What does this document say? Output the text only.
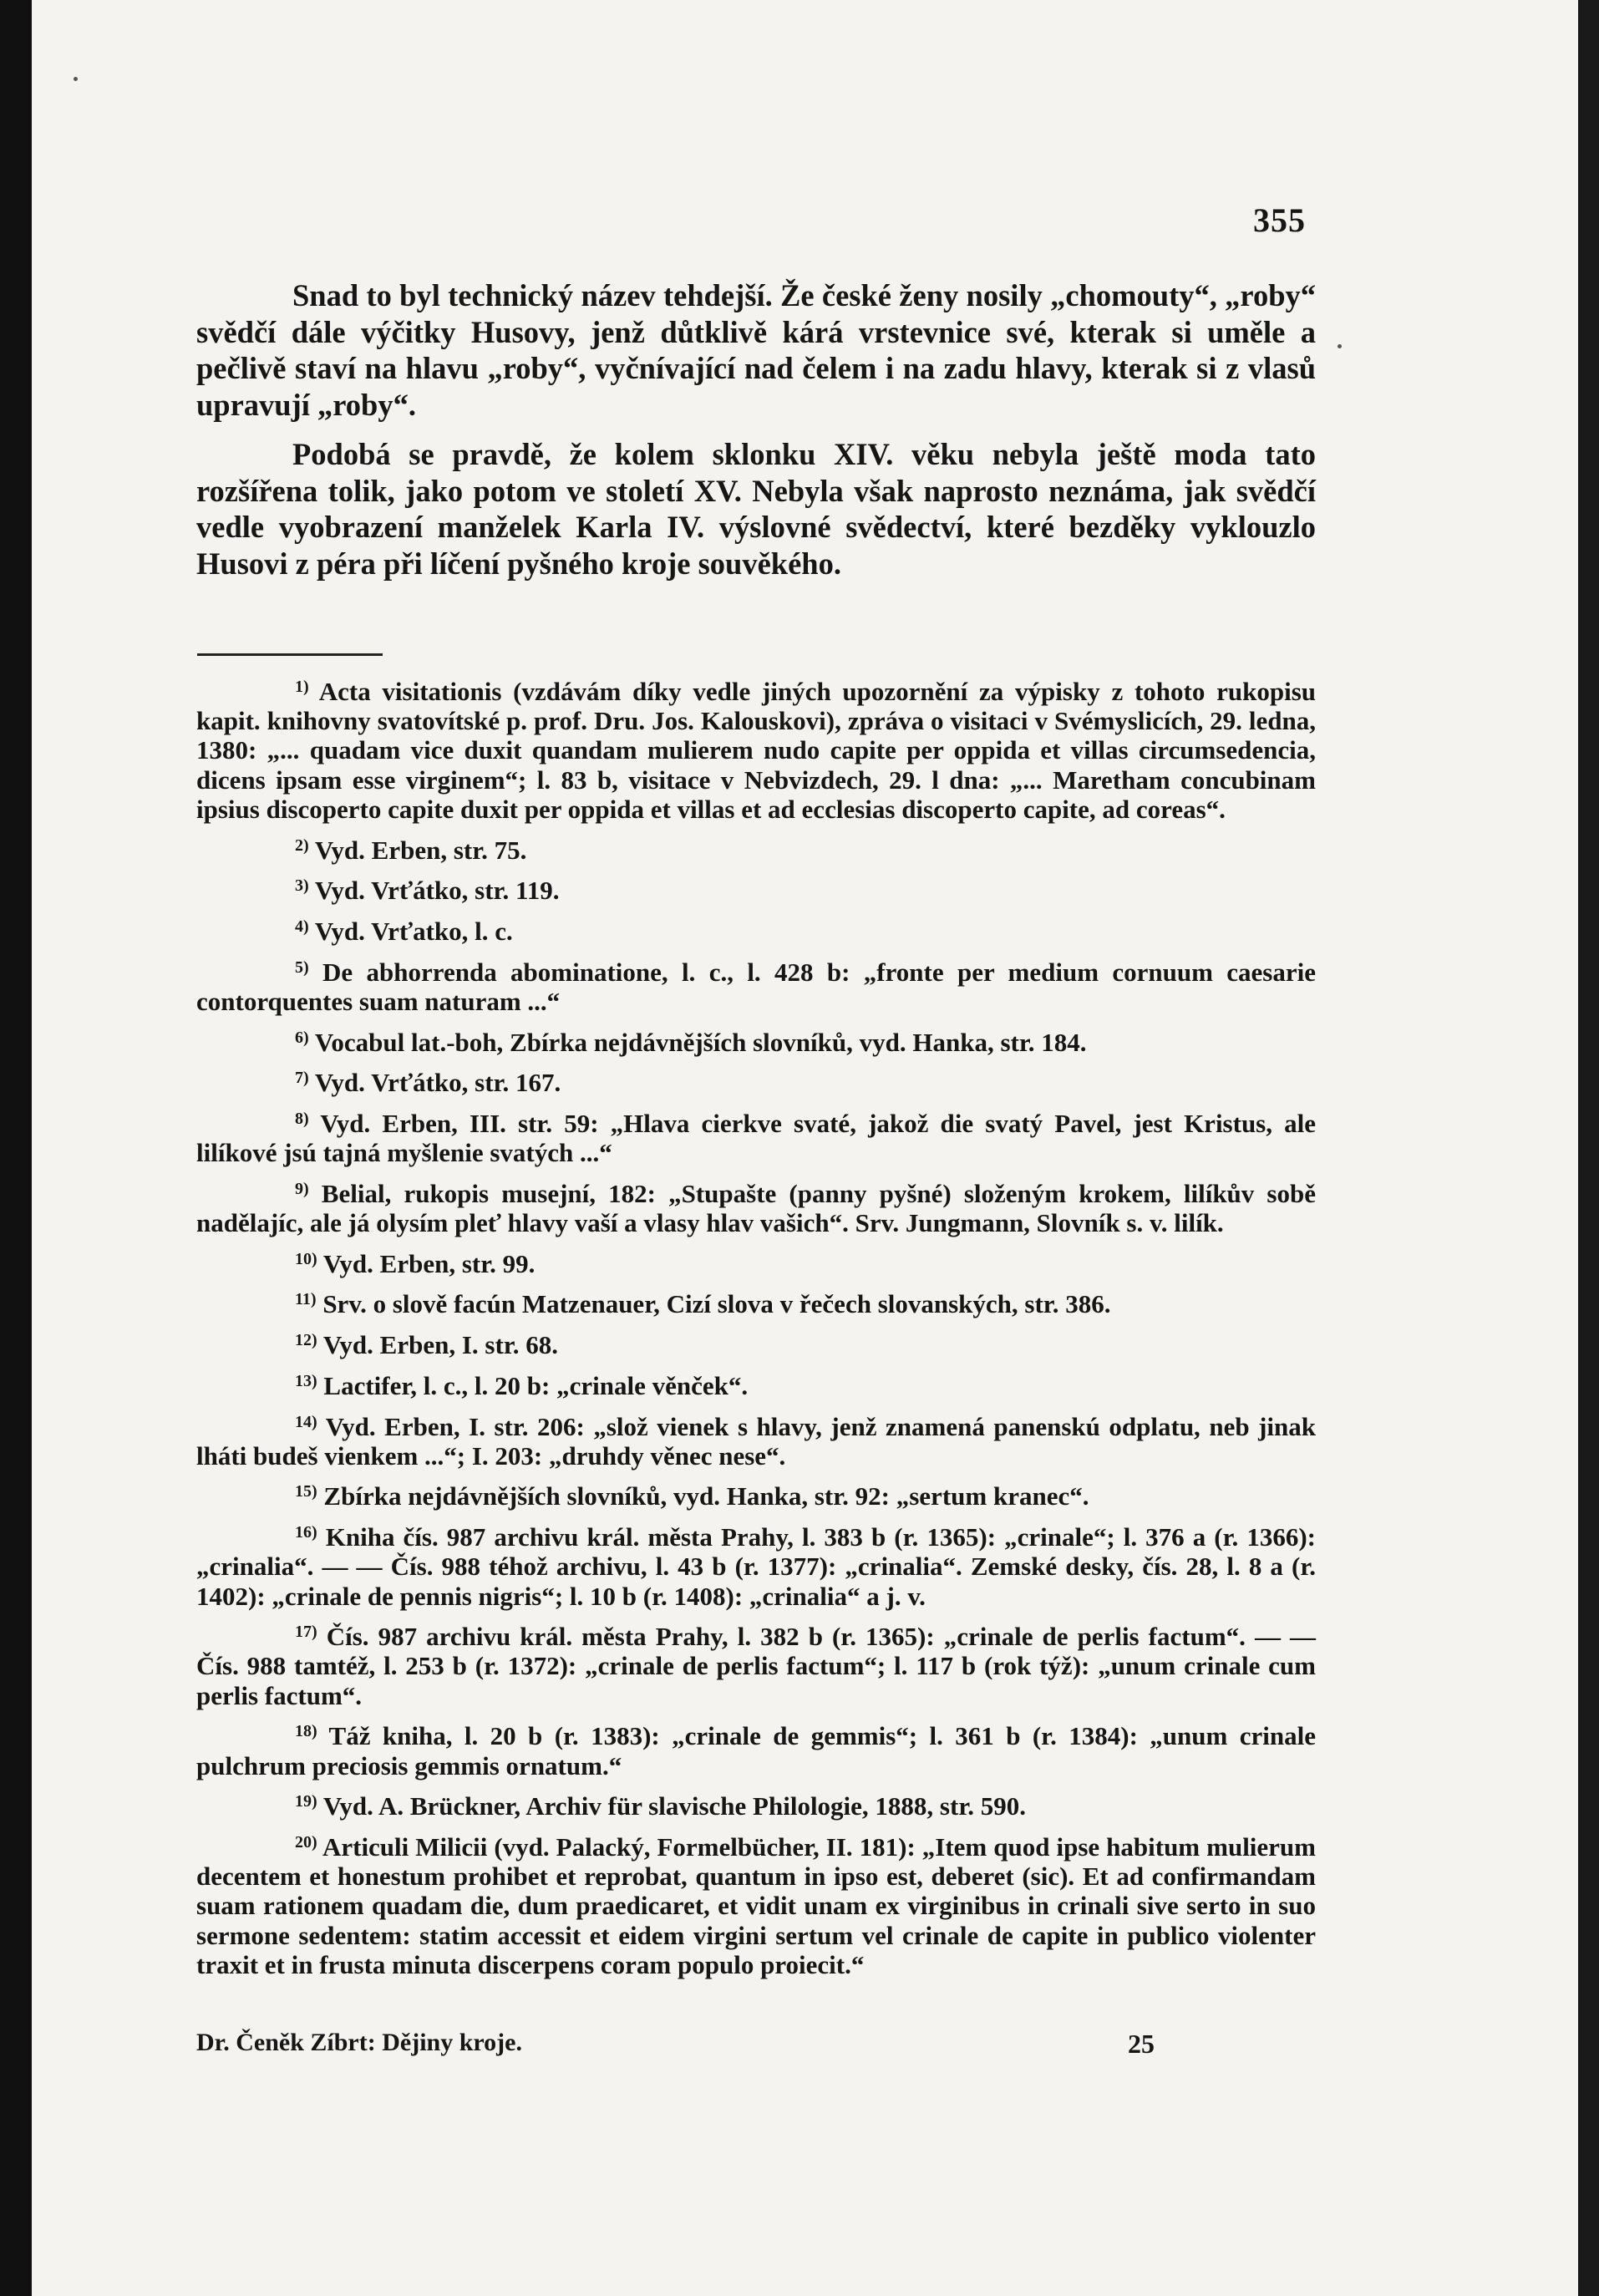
355

Snad to byl technický název tehdejší. Že české ženy nosily „chomouty“, „roby“ svědčí dále výčitky Husovy, jenž důtklivě kárá vrstevnice své, kterak si uměle a pečlivě staví na hlavu „roby“, vyčnívající nad čelem i na zadu hlavy, kterak si z vlasů upravují „roby“.

Podobá se pravdě, že kolem sklonku XIV. věku nebyla ještě moda tato rozšířena tolik, jako potom ve století XV. Nebyla však naprosto neznáma, jak svědčí vedle vyobrazení manželek Karla IV. výslovné svědectví, které bezděky vyklouzlo Husovi z péra při líčení pyšného kroje souvěkého.

$^{1)}$ Acta visitationis (vzdávám díky vedle jiných upozornění za výpisky z tohoto rukopisu kapit. knihovny svatovítské p. prof. Dru. Jos. Kalouskovi), zpráva o visitaci v Svémyslicích, 29. ledna, 1380: „... quadam vice duxit quandam mulierem nudo capite per oppida et villas circumsedencia, dicens ipsam esse virginem“; l. 83 b, visitace v Nebvizdech, 29. l dna: „... Maretham concubinam ipsius discoperto capite duxit per oppida et villas et ad ecclesias discoperto capite, ad coreas“.

$^{2)}$ Vyd. Erben, str. 75.

$^{3)}$ Vyd. Vrťátko, str. 119.

$^{4)}$ Vyd. Vrťatko, l. c.

$^{5)}$ De abhorrenda abominatione, l. c., l. 428 b: „fronte per medium cornuum caesarie contorquentes suam naturam ...“

$^{6)}$ Vocabul lat.-boh, Zbírka nejdávnějších slovníků, vyd. Hanka, str. 184.

$^{7)}$ Vyd. Vrťátko, str. 167.

$^{8)}$ Vyd. Erben, III. str. 59: „Hlava cierkve svaté, jakož die svatý Pavel, jest Kristus, ale lilíkové jsú tajná myšlenie svatých ...“

$^{9)}$ Belial, rukopis musejní, 182: „Stupašte (panny pyšné) složeným krokem, lilíkův sobě nadělajíc, ale já olysím pleť hlavy vaší a vlasy hlav vašich“. Srv. Jungmann, Slovník s. v. lilík.

$^{10)}$ Vyd. Erben, str. 99.

$^{11)}$ Srv. o slově facún Matzenauer, Cizí slova v řečech slovanských, str. 386.

$^{12)}$ Vyd. Erben, I. str. 68.

$^{13)}$ Lactifer, l. c., l. 20 b: „crinale věnček“.

$^{14)}$ Vyd. Erben, I. str. 206: „slož vienek s hlavy, jenž znamená panenskú odplatu, neb jinak lháti budeš vienkem ...“; I. 203: „druhdy věnec nese“.

$^{15)}$ Zbírka nejdávnějších slovníků, vyd. Hanka, str. 92: „sertum kranec“.

$^{16)}$ Kniha čís. 987 archivu král. města Prahy, l. 383 b (r. 1365): „crinale“; l. 376 a (r. 1366): „crinalia“. — — Čís. 988 téhož archivu, l. 43 b (r. 1377): „crinalia“. Zemské desky, čís. 28, l. 8 a (r. 1402): „crinale de pennis nigris“; l. 10 b (r. 1408): „crinalia“ a j. v.

$^{17)}$ Čís. 987 archivu král. města Prahy, l. 382 b (r. 1365): „crinale de perlis factum“. — — Čís. 988 tamtéž, l. 253 b (r. 1372): „crinale de perlis factum“; l. 117 b (rok týž): „unum crinale cum perlis factum“.

$^{18)}$ Táž kniha, l. 20 b (r. 1383): „crinale de gemmis“; l. 361 b (r. 1384): „unum crinale pulchrum preciosis gemmis ornatum.“

$^{19)}$ Vyd. A. Brückner, Archiv für slavische Philologie, 1888, str. 590.

$^{20)}$ Articuli Milicii (vyd. Palacký, Formelbücher, II. 181): „Item quod ipse habitum mulierum decentem et honestum prohibet et reprobat, quantum in ipso est, deberet (sic). Et ad confirmandam suam rationem quadam die, dum praedicaret, et vidit unam ex virginibus in crinali sive serto in suo sermone sedentem: statim accessit et eidem virgini sertum vel crinale de capite in publico violenter traxit et in frusta minuta discerpens coram populo proiecit.“

Dr. Čeněk Zíbrt: Dějiny kroje.	25
